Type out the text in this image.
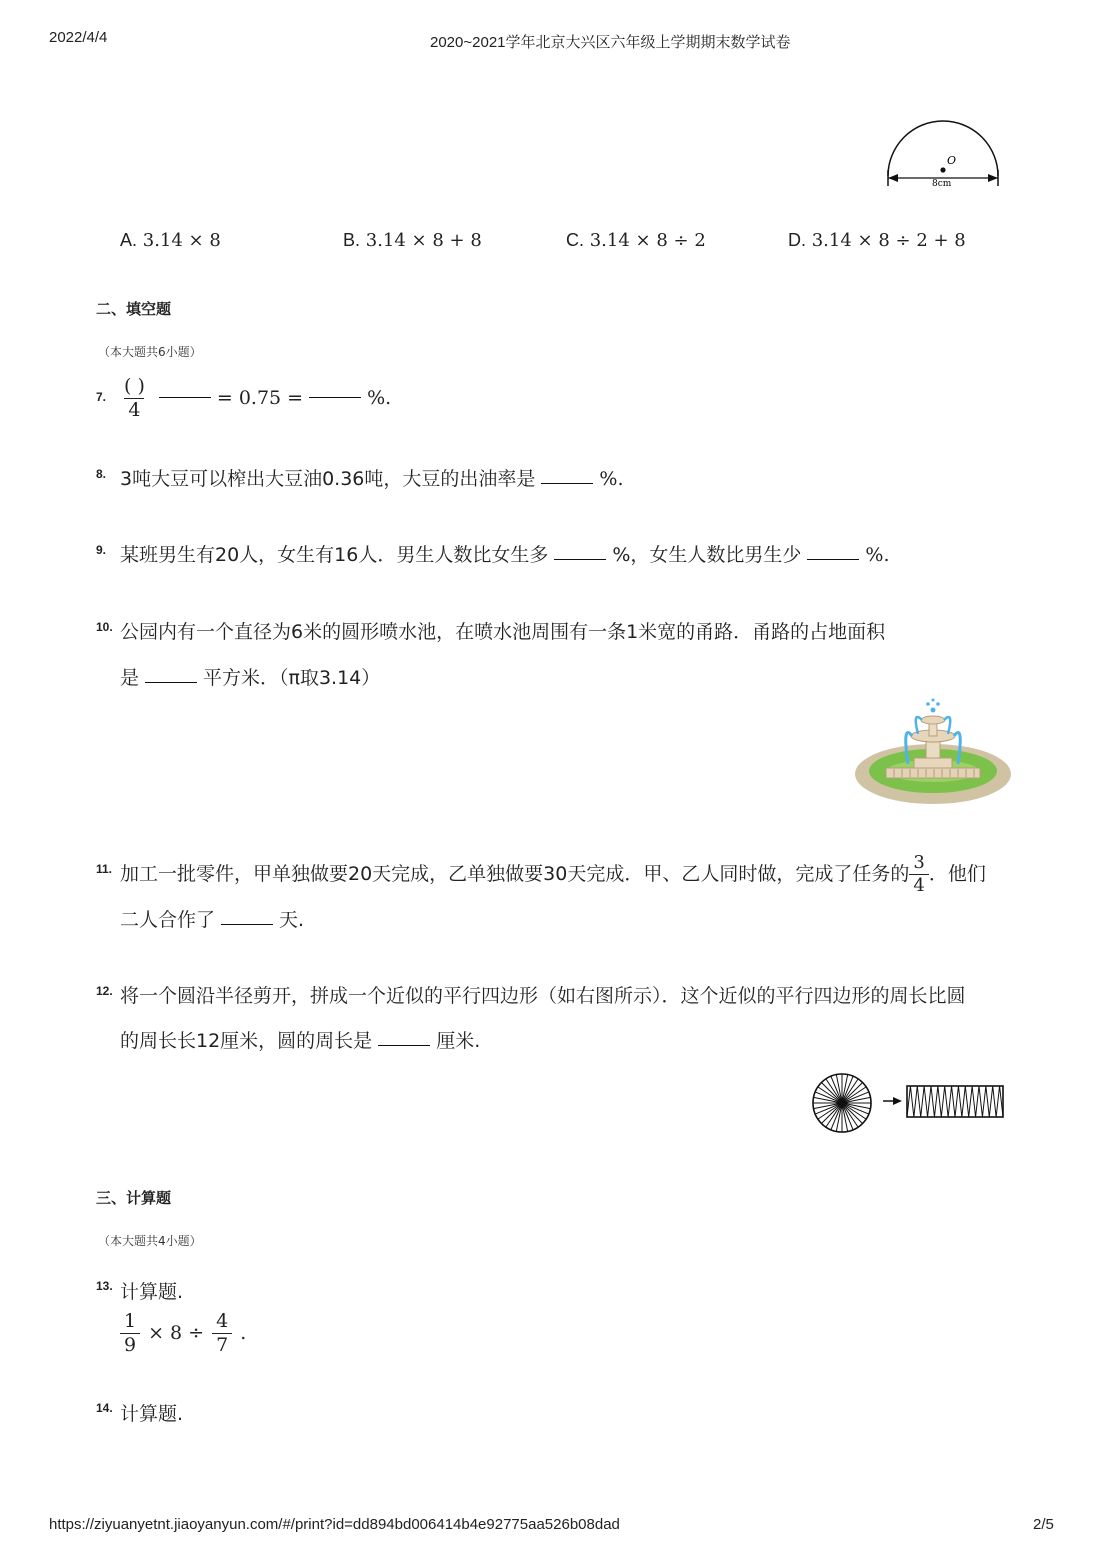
2022/4/4	2020~2021学年北京大兴区六年级上学期期末数学试卷
O
8cm
A. 3.14 × 8	B. 3.14 × 8 + 8	C. 3.14 × 8 ÷ 2	D. 3.14 × 8 ÷ 2 + 8
二、填空题
（本大题共6小题）
7. $\frac{( )}{4}$	= 0.75 =	%.
8. 3吨大豆可以榨出大豆油0.36吨，大豆的出油率是	%.
9. 某班男生有20人，女生有16人．男生人数比女生多	%，女生人数比男生少	%.
10. 公园内有一个直径为6米的圆形喷水池，在喷水池周围有一条1米宽的甬路．甬路的占地面积
是	平方米．（π取3.14）
11. 加工一批零件，甲单独做要20天完成，乙单独做要30天完成．甲、乙人同时做，完成了任务的 $\frac{3}{4}$ ．他们
二人合作了	天.
12. 将一个圆沿半径剪开，拼成一个近似的平行四边形（如右图所示）．这个近似的平行四边形的周长比圆
的周长长12厘米，圆的周长是	厘米.
三、计算题
（本大题共4小题）
13. 计算题.
$\frac{1}{9} \times 8 \div \frac{4}{7}$ .
14. 计算题.
https://ziyuanyetnt.jiaoyanyun.com/#/print?id=dd894bd006414b4e92775aa526b08dad	2/5
